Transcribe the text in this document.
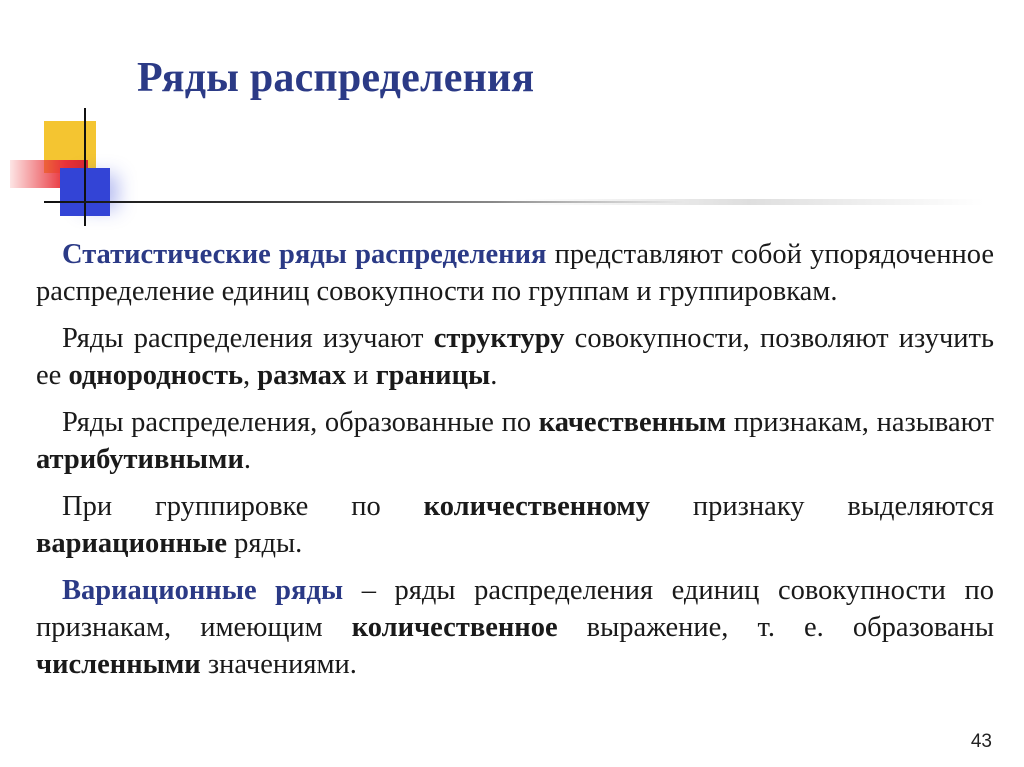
Ряды распределения

Статистические ряды распределения представляют собой упорядоченное распределение единиц совокупности по группам и группировкам.

Ряды распределения изучают структуру совокупности, позволяют изучить ее однородность, размах и границы.

Ряды распределения, образованные по качественным признакам, называют атрибутивными.

При группировке по количественному признаку выделяются вариационные ряды.

Вариационные ряды – ряды распределения единиц совокупности по признакам, имеющим количественное выражение, т. е. образованы численными значениями.

43
